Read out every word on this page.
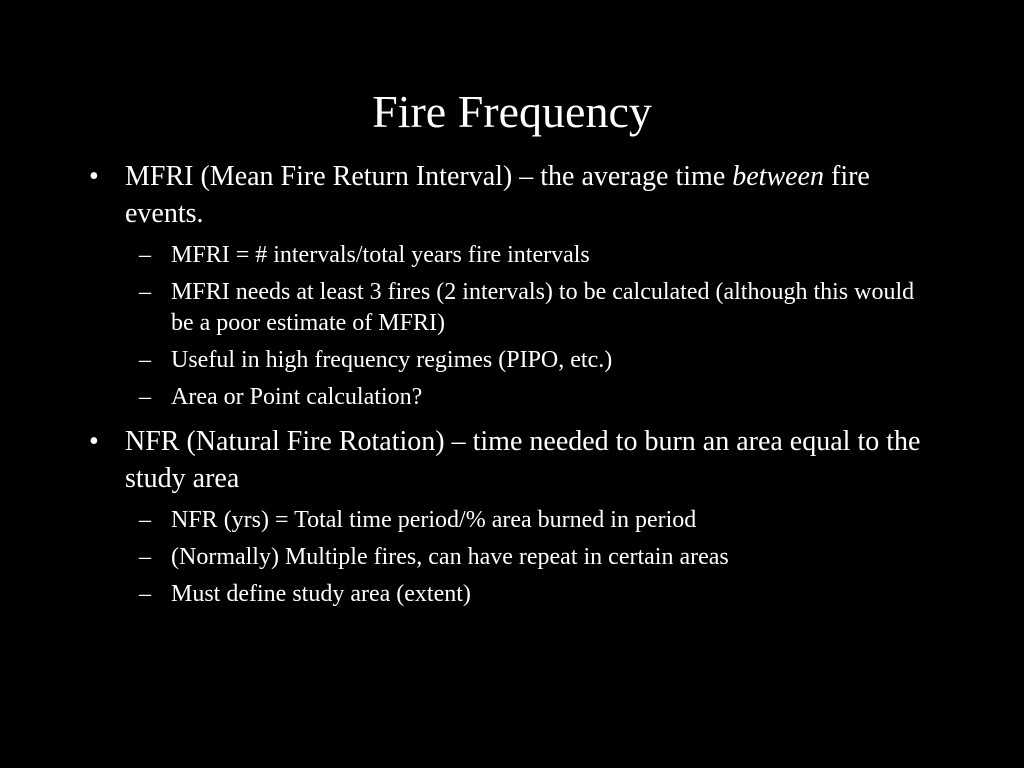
Fire Frequency
• MFRI (Mean Fire Return Interval) – the average time between fire events.
– MFRI = # intervals/total years fire intervals
– MFRI needs at least 3 fires (2 intervals) to be calculated (although this would be a poor estimate of MFRI)
– Useful in high frequency regimes (PIPO, etc.)
– Area or Point calculation?
• NFR (Natural Fire Rotation) – time needed to burn an area equal to the study area
– NFR (yrs) = Total time period/% area burned in period
– (Normally) Multiple fires, can have repeat in certain areas
– Must define study area (extent)
